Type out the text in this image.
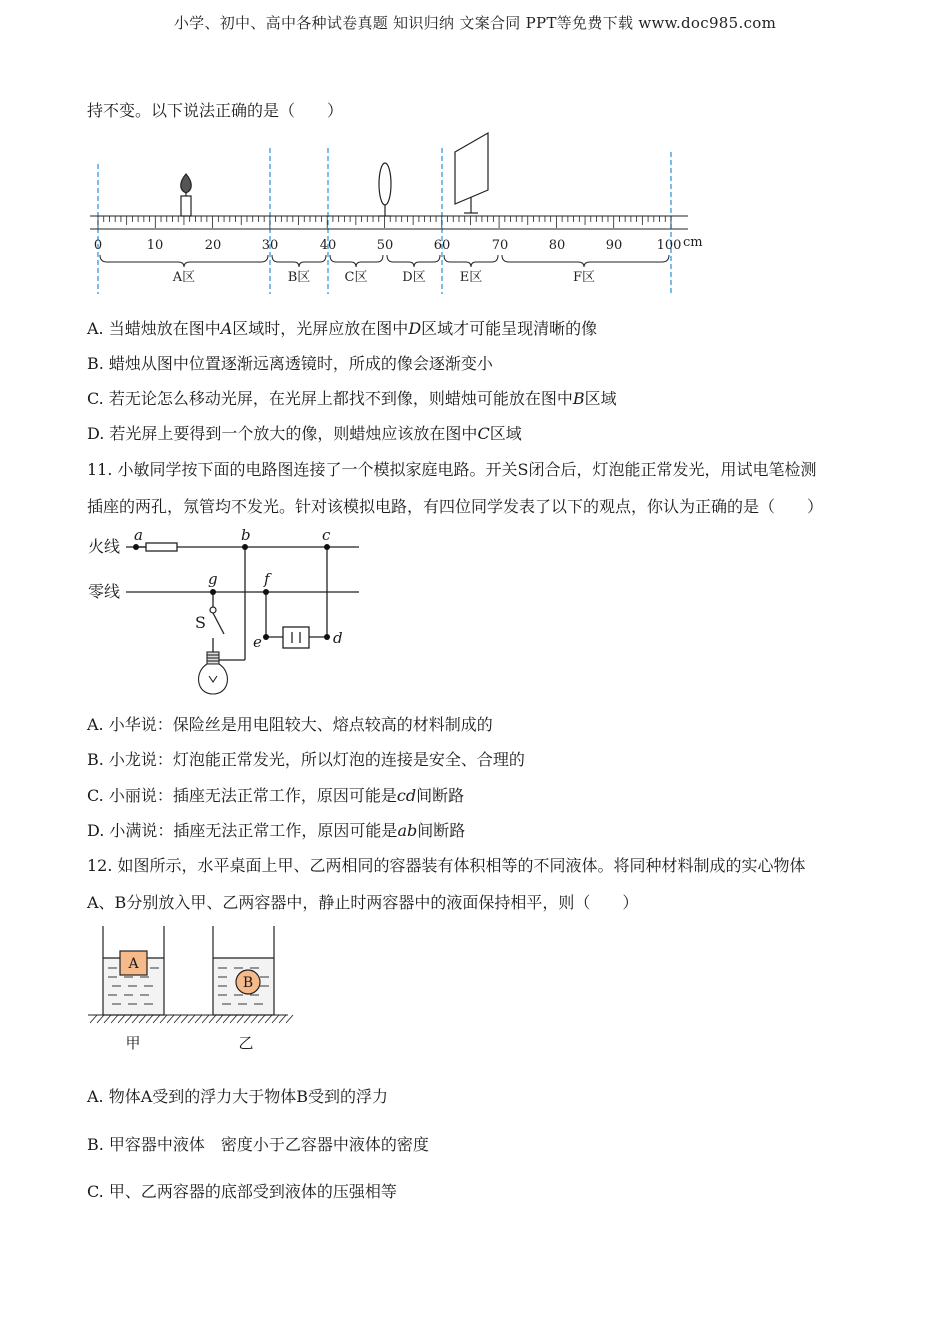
小学、初中、高中各种试卷真题 知识归纳 文案合同 PPT等免费下载 www.doc985.com
持不变。以下说法正确的是（　　）
0	10	20	30	40	50	60	70	80	90	100 cm
A区	B区	C区	D区	E区	F区
A. 当蜡烛放在图中A区域时，光屏应放在图中D区域才可能呈现清晰的像
B. 蜡烛从图中位置逐渐远离透镜时，所成的像会逐渐变小
C. 若无论怎么移动光屏，在光屏上都找不到像，则蜡烛可能放在图中B区域
D. 若光屏上要得到一个放大的像，则蜡烛应该放在图中C区域
11. 小敏同学按下面的电路图连接了一个模拟家庭电路。开关S闭合后，灯泡能正常发光，用试电笔检测
插座的两孔，氖管均不发光。针对该模拟电路，有四位同学发表了以下的观点，你认为正确的是（　　）
火线
零线
S
a	b	c
g	f
e	d
A. 小华说：保险丝是用电阻较大、熔点较高的材料制成的
B. 小龙说：灯泡能正常发光，所以灯泡的连接是安全、合理的
C. 小丽说：插座无法正常工作，原因可能是cd间断路
D. 小满说：插座无法正常工作，原因可能是ab间断路
12. 如图所示，水平桌面上甲、乙两相同的容器装有体积相等的不同液体。将同种材料制成的实心物体
A、B分别放入甲、乙两容器中，静止时两容器中的液面保持相平，则（　　）
A
B
甲	乙
A. 物体A受到的浮力大于物体B受到的浮力
B. 甲容器中液体　密度小于乙容器中液体的密度
C. 甲、乙两容器的底部受到液体的压强相等
